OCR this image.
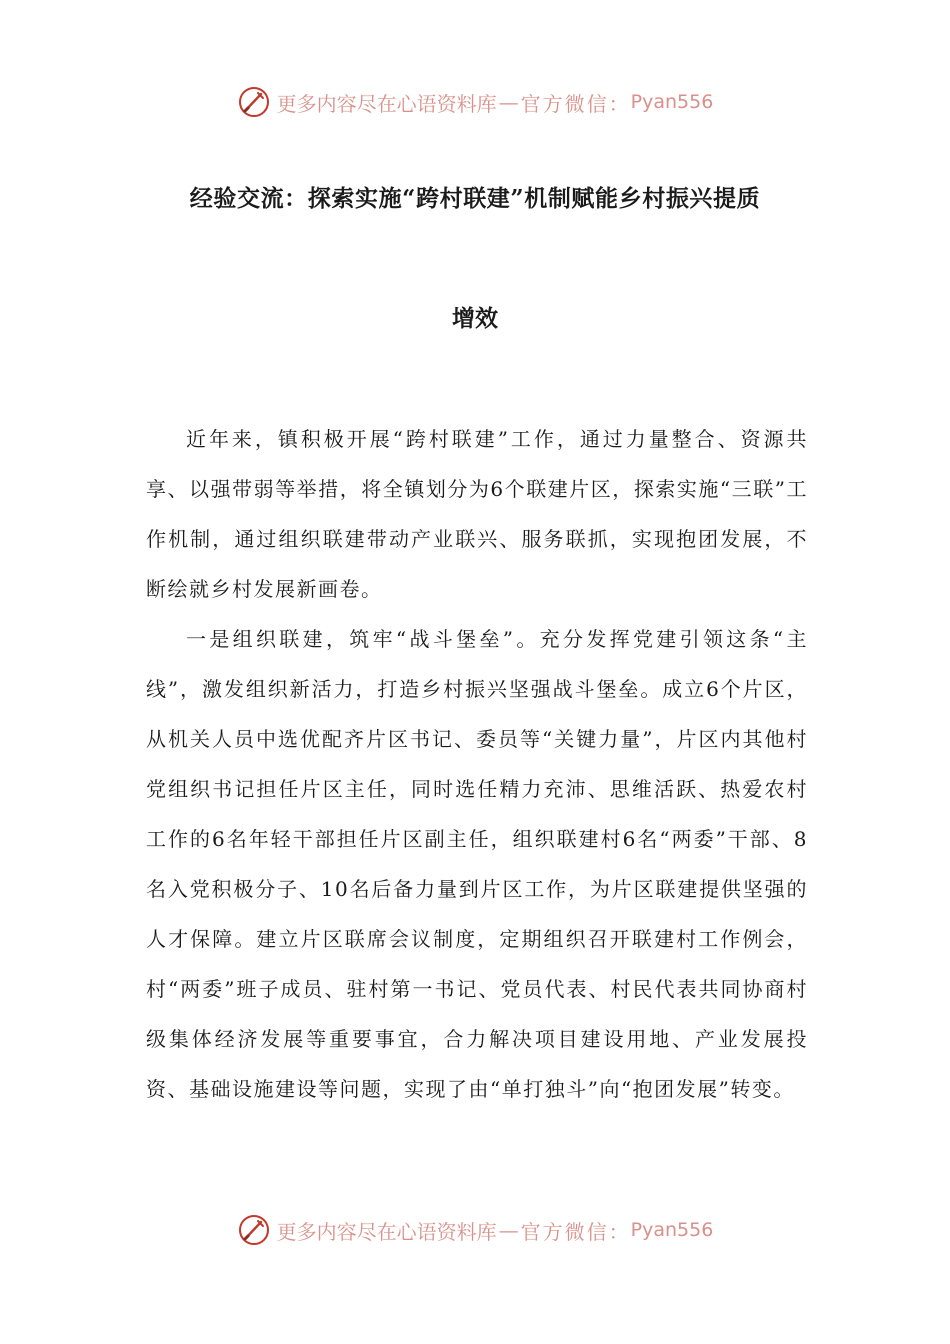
更多内容尽在心语资料库 — 官方微信： Pyan556
经验交流：探索实施“跨村联建”机制赋能乡村振兴提质
增效

近年来，镇积极开展“跨村联建”工作，通过力量整合、资源共享、以强带弱等举措，将全镇划分为6个联建片区，探索实施“三联”工作机制，通过组织联建带动产业联兴、服务联抓，实现抱团发展，不断绘就乡村发展新画卷。

一是组织联建，筑牢“战斗堡垒”。充分发挥党建引领这条“主线”，激发组织新活力，打造乡村振兴坚强战斗堡垒。成立6个片区，从机关人员中选优配齐片区书记、委员等“关键力量”，片区内其他村党组织书记担任片区主任，同时选任精力充沛、思维活跃、热爱农村工作的6名年轻干部担任片区副主任，组织联建村6名“两委”干部、8名入党积极分子、10名后备力量到片区工作，为片区联建提供坚强的人才保障。建立片区联席会议制度，定期组织召开联建村工作例会，村“两委”班子成员、驻村第一书记、党员代表、村民代表共同协商村级集体经济发展等重要事宜，合力解决项目建设用地、产业发展投资、基础设施建设等问题，实现了由“单打独斗”向“抱团发展”转变。

更多内容尽在心语资料库 — 官方微信： Pyan556
